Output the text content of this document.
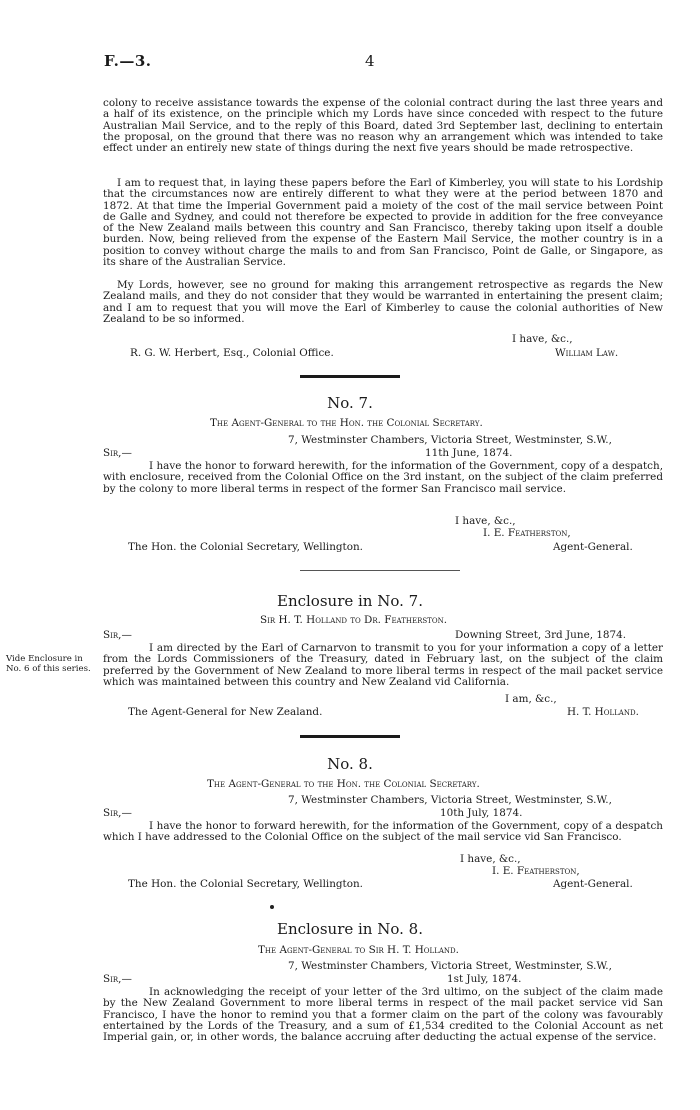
F.—3.	4
colony to receive assistance towards the expense of the colonial contract during the last three years and a half of its existence, on the principle which my Lords have since conceded with respect to the future Australian Mail Service, and to the reply of this Board, dated 3rd September last, declining to entertain the proposal, on the ground that there was no reason why an arrangement which was intended to take effect under an entirely new state of things during the next five years should be made retrospective.
I am to request that, in laying these papers before the Earl of Kimberley, you will state to his Lordship that the circumstances now are entirely different to what they were at the period between 1870 and 1872. At that time the Imperial Government paid a moiety of the cost of the mail service between Point de Galle and Sydney, and could not therefore be expected to provide in addition for the free conveyance of the New Zealand mails between this country and San Francisco, thereby taking upon itself a double burden. Now, being relieved from the expense of the Eastern Mail Service, the mother country is in a position to convey without charge the mails to and from San Francisco, Point de Galle, or Singapore, as its share of the Australian Service.
My Lords, however, see no ground for making this arrangement retrospective as regards the New Zealand mails, and they do not consider that they would be warranted in entertaining the present claim; and I am to request that you will move the Earl of Kimberley to cause the colonial authorities of New Zealand to be so informed.
I have, &c.,
R. G. W. Herbert, Esq., Colonial Office.	William Law.
No. 7.
The Agent-General to the Hon. the Colonial Secretary.
7, Westminster Chambers, Victoria Street, Westminster, S.W.,
Sir,—	11th June, 1874.
I have the honor to forward herewith, for the information of the Government, copy of a despatch, with enclosure, received from the Colonial Office on the 3rd instant, on the subject of the claim preferred by the colony to more liberal terms in respect of the former San Francisco mail service.
I have, &c.,
I. E. Featherston,
The Hon. the Colonial Secretary, Wellington.	Agent-General.
Enclosure in No. 7.
Sir H. T. Holland to Dr. Featherston.
Sir,—	Downing Street, 3rd June, 1874.
I am directed by the Earl of Carnarvon to transmit to you for your information a copy of a letter from the Lords Commissioners of the Treasury, dated in February last, on the subject of the claim preferred by the Government of New Zealand to more liberal terms in respect of the mail packet service which was maintained between this country and New Zealand vid California.
Vide Enclosure in No. 6 of this series.
I am, &c.,
The Agent-General for New Zealand.	H. T. Holland.
No. 8.
The Agent-General to the Hon. the Colonial Secretary.
7, Westminster Chambers, Victoria Street, Westminster, S.W.,
Sir,—	10th July, 1874.
I have the honor to forward herewith, for the information of the Government, copy of a despatch which I have addressed to the Colonial Office on the subject of the mail service vid San Francisco.
I have, &c.,
I. E. Featherston,
The Hon. the Colonial Secretary, Wellington.	Agent-General.
Enclosure in No. 8.
The Agent-General to Sir H. T. Holland.
7, Westminster Chambers, Victoria Street, Westminster, S.W.,
Sir,—	1st July, 1874.
In acknowledging the receipt of your letter of the 3rd ultimo, on the subject of the claim made by the New Zealand Government to more liberal terms in respect of the mail packet service vid San Francisco, I have the honor to remind you that a former claim on the part of the colony was favourably entertained by the Lords of the Treasury, and a sum of £1,534 credited to the Colonial Account as net Imperial gain, or, in other words, the balance accruing after deducting the actual expense of the service.
